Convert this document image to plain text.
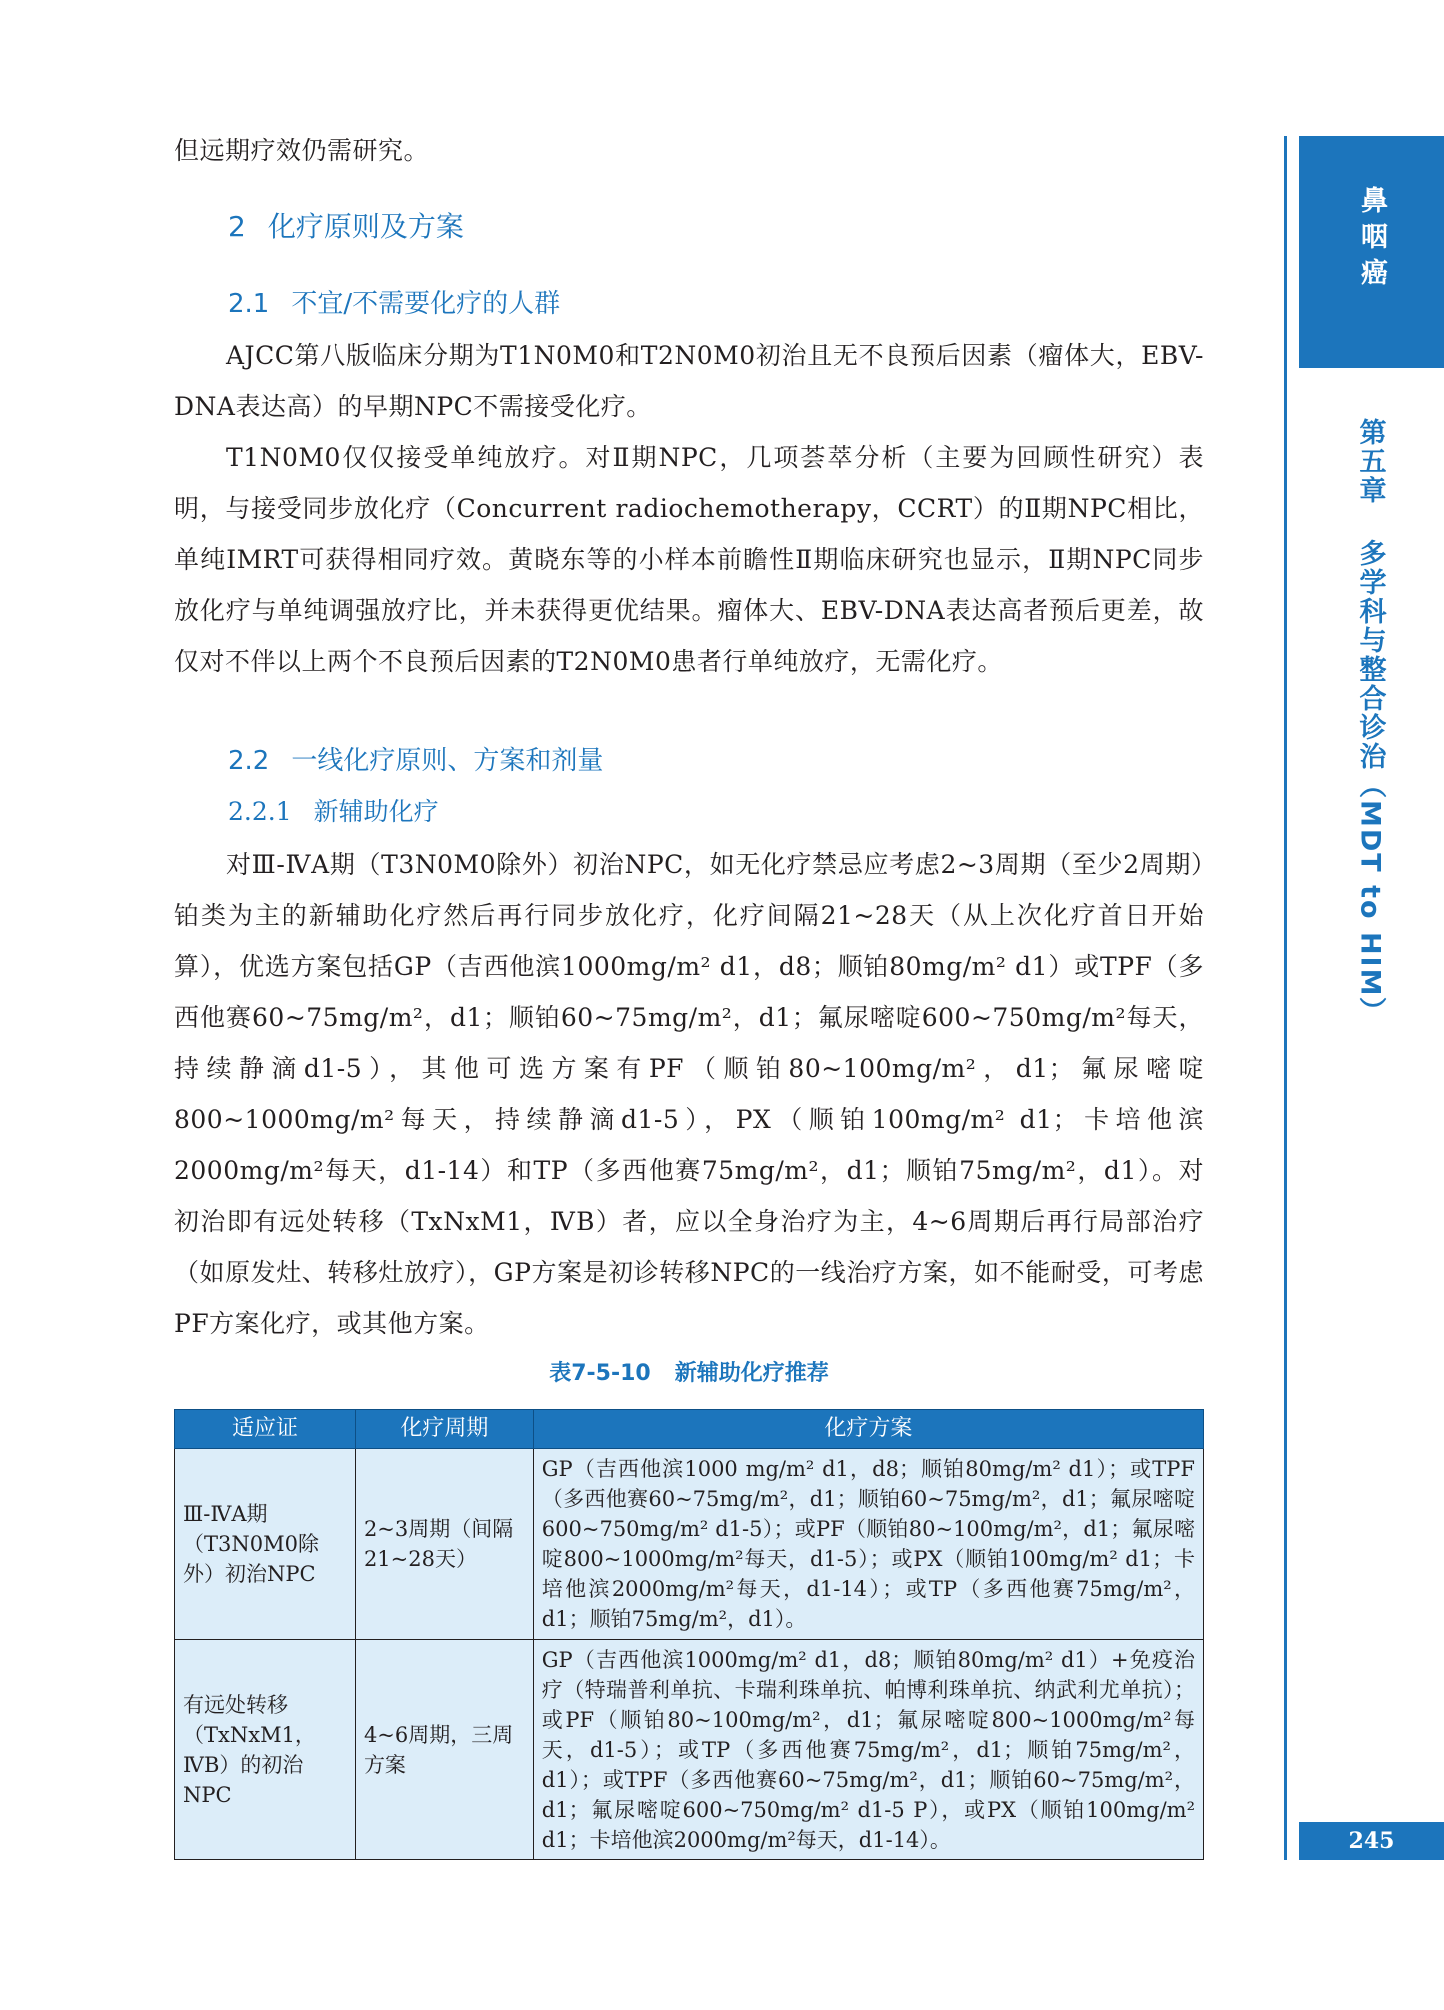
但远期疗效仍需研究。

2 化疗原则及方案
2.1 不宜/不需要化疗的人群

AJCC第八版临床分期为T1N0M0和T2N0M0初治且无不良预后因素（瘤体大，EBV-DNA表达高）的早期NPC不需接受化疗。

T1N0M0仅仅接受单纯放疗。对Ⅱ期NPC，几项荟萃分析（主要为回顾性研究）表明，与接受同步放化疗（Concurrent radiochemotherapy，CCRT）的Ⅱ期NPC相比，单纯IMRT可获得相同疗效。黄晓东等的小样本前瞻性Ⅱ期临床研究也显示，Ⅱ期NPC同步放化疗与单纯调强放疗比，并未获得更优结果。瘤体大、EBV-DNA表达高者预后更差，故仅对不伴以上两个不良预后因素的T2N0M0患者行单纯放疗，无需化疗。

2.2 一线化疗原则、方案和剂量
2.2.1 新辅助化疗

对Ⅲ-ⅣA期（T3N0M0除外）初治NPC，如无化疗禁忌应考虑2~3周期（至少2周期）铂类为主的新辅助化疗然后再行同步放化疗，化疗间隔21~28天（从上次化疗首日开始算），优选方案包括GP（吉西他滨1000mg/m² d1，d8；顺铂80mg/m² d1）或TPF（多西他赛60~75mg/m²，d1；顺铂60~75mg/m²，d1；氟尿嘧啶600~750mg/m²每天，持续静滴d1-5），其他可选方案有PF（顺铂80~100mg/m²，d1；氟尿嘧啶800~1000mg/m²每天，持续静滴d1-5），PX（顺铂100mg/m² d1；卡培他滨2000mg/m²每天，d1-14）和TP（多西他赛75mg/m²，d1；顺铂75mg/m²，d1）。对初治即有远处转移（TxNxM1，ⅣB）者，应以全身治疗为主，4~6周期后再行局部治疗（如原发灶、转移灶放疗），GP方案是初诊转移NPC的一线治疗方案，如不能耐受，可考虑PF方案化疗，或其他方案。

表7-5-10 新辅助化疗推荐
适应证	化疗周期	化疗方案
Ⅲ-ⅣA期（T3N0M0除外）初治NPC	2~3周期（间隔21~28天）	GP（吉西他滨1000 mg/m² d1，d8；顺铂80mg/m² d1）；或TPF（多西他赛60~75mg/m²，d1；顺铂60~75mg/m²，d1；氟尿嘧啶600~750mg/m² d1-5）；或PF（顺铂80~100mg/m²，d1；氟尿嘧啶800~1000mg/m²每天，d1-5）；或PX（顺铂100mg/m² d1；卡培他滨2000mg/m²每天，d1-14）；或TP（多西他赛75mg/m²，d1；顺铂75mg/m²，d1）。
有远处转移（TxNxM1，ⅣB）的初治NPC	4~6周期，三周方案	GP（吉西他滨1000mg/m² d1，d8；顺铂80mg/m² d1）+免疫治疗（特瑞普利单抗、卡瑞利珠单抗、帕博利珠单抗、纳武利尤单抗）；或PF（顺铂80~100mg/m²，d1；氟尿嘧啶800~1000mg/m²每天，d1-5）；或TP（多西他赛75mg/m²，d1；顺铂75mg/m²，d1）；或TPF（多西他赛60~75mg/m²，d1；顺铂60~75mg/m²，d1；氟尿嘧啶600~750mg/m² d1-5 P），或PX（顺铂100mg/m² d1；卡培他滨2000mg/m²每天，d1-14）。
鼻咽癌
第五章多学科与整合诊治（MDT to HIM）
245
